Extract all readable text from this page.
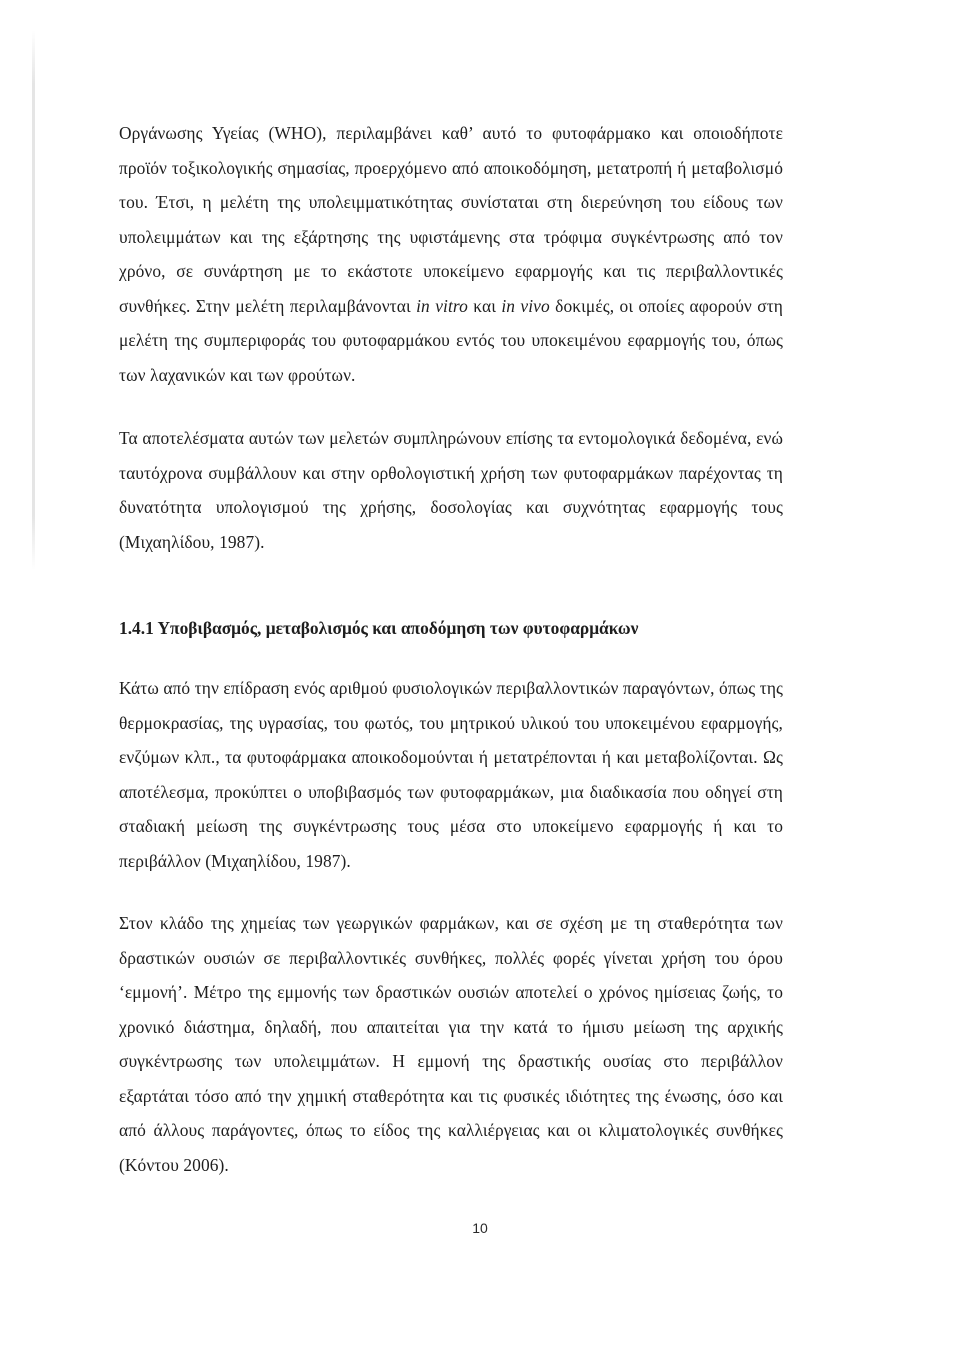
Οργάνωσης Υγείας (WHO), περιλαμβάνει καθ’ αυτό το φυτοφάρμακο και οποιοδήποτε προϊόν τοξικολογικής σημασίας, προερχόμενο από αποικοδόμηση, μετατροπή ή μεταβολισμό του. Έτσι, η μελέτη της υπολειμματικότητας συνίσταται στη διερεύνηση του είδους των υπολειμμάτων και της εξάρτησης της υφιστάμενης στα τρόφιμα συγκέντρωσης από τον χρόνο, σε συνάρτηση με το εκάστοτε υποκείμενο εφαρμογής και τις περιβαλλοντικές συνθήκες. Στην μελέτη περιλαμβάνονται in vitro και in vivo δοκιμές, οι οποίες αφορούν στη μελέτη της συμπεριφοράς του φυτοφαρμάκου εντός του υποκειμένου εφαρμογής του, όπως των λαχανικών και των φρούτων.

Τα αποτελέσματα αυτών των μελετών συμπληρώνουν επίσης τα εντομολογικά δεδομένα, ενώ ταυτόχρονα συμβάλλουν και στην ορθολογιστική χρήση των φυτοφαρμάκων παρέχοντας τη δυνατότητα υπολογισμού της χρήσης, δοσολογίας και συχνότητας εφαρμογής τους (Μιχαηλίδου, 1987).

1.4.1 Υποβιβασμός, μεταβολισμός και αποδόμηση των φυτοφαρμάκων

Κάτω από την επίδραση ενός αριθμού φυσιολογικών περιβαλλοντικών παραγόντων, όπως της θερμοκρασίας, της υγρασίας, του φωτός, του μητρικού υλικού του υποκειμένου εφαρμογής, ενζύμων κλπ., τα φυτοφάρμακα αποικοδομούνται ή μετατρέπονται ή και μεταβολίζονται. Ως αποτέλεσμα, προκύπτει ο υποβιβασμός των φυτοφαρμάκων, μια διαδικασία που οδηγεί στη σταδιακή μείωση της συγκέντρωσης τους μέσα στο υποκείμενο εφαρμογής ή και το περιβάλλον (Μιχαηλίδου, 1987).

Στον κλάδο της χημείας των γεωργικών φαρμάκων, και σε σχέση με τη σταθερότητα των δραστικών ουσιών σε περιβαλλοντικές συνθήκες, πολλές φορές γίνεται χρήση του όρου ‘εμμονή’. Μέτρο της εμμονής των δραστικών ουσιών αποτελεί ο χρόνος ημίσειας ζωής, το χρονικό διάστημα, δηλαδή, που απαιτείται για την κατά το ήμισυ μείωση της αρχικής συγκέντρωσης των υπολειμμάτων. Η εμμονή της δραστικής ουσίας στο περιβάλλον εξαρτάται τόσο από την χημική σταθερότητα και τις φυσικές ιδιότητες της ένωσης, όσο και από άλλους παράγοντες, όπως το είδος της καλλιέργειας και οι κλιματολογικές συνθήκες (Κόντου 2006).

10
